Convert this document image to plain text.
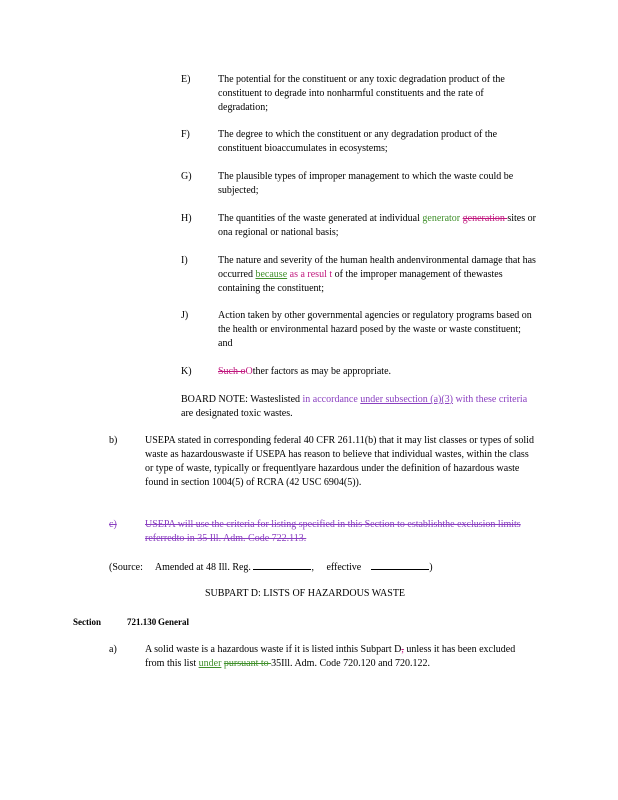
E)	The potential for the constituent or any toxic degradation product of the constituent to degrade into nonharmful constituents and the rate of degradation;
F)	The degree to which the constituent or any degradation product of the constituent bioaccumulates in ecosystems;
G)	The plausible types of improper management to which the waste could be subjected;
H)	The quantities of the waste generated at individual generator generation sites or ona regional or national basis;
I)	The nature and severity of the human health andenvironmental damage that has occurred because as a resul t of the improper management of thewastes containing the constituent;
J)	Action taken by other governmental agencies or regulatory programs based on the health or environmental hazard posed by the waste or waste constituent; and
K)	Such oOther factors as may be appropriate.
BOARD NOTE: Wasteslisted in accordance under subsection (a)(3) with these criteria are designated toxic wastes.
b)	USEPA stated in corresponding federal 40 CFR 261.11(b) that it may list classes or types of solid waste as hazardouswaste if USEPA has reason to believe that individual wastes, within the class or type of waste, typically or frequentlyare hazardous under the definition of hazardous waste found in section 1004(5) of RCRA (42 USC 6904(5)).
c)	USEPA will use the criteria for listing specified in this Section to establishthe exclusion limits referredto in 35 Ill. Adm. Code 722.113.
(Source: Amended at 48 Ill. Reg.	, effective	)
SUBPART D: LISTS OF HAZARDOUS WASTE
Section	721.130 General
a)	A solid waste is a hazardous waste if it is listed inthis Subpart D, unless it has been excluded from this list under pursuant to 35Ill. Adm. Code 720.120 and 720.122.
